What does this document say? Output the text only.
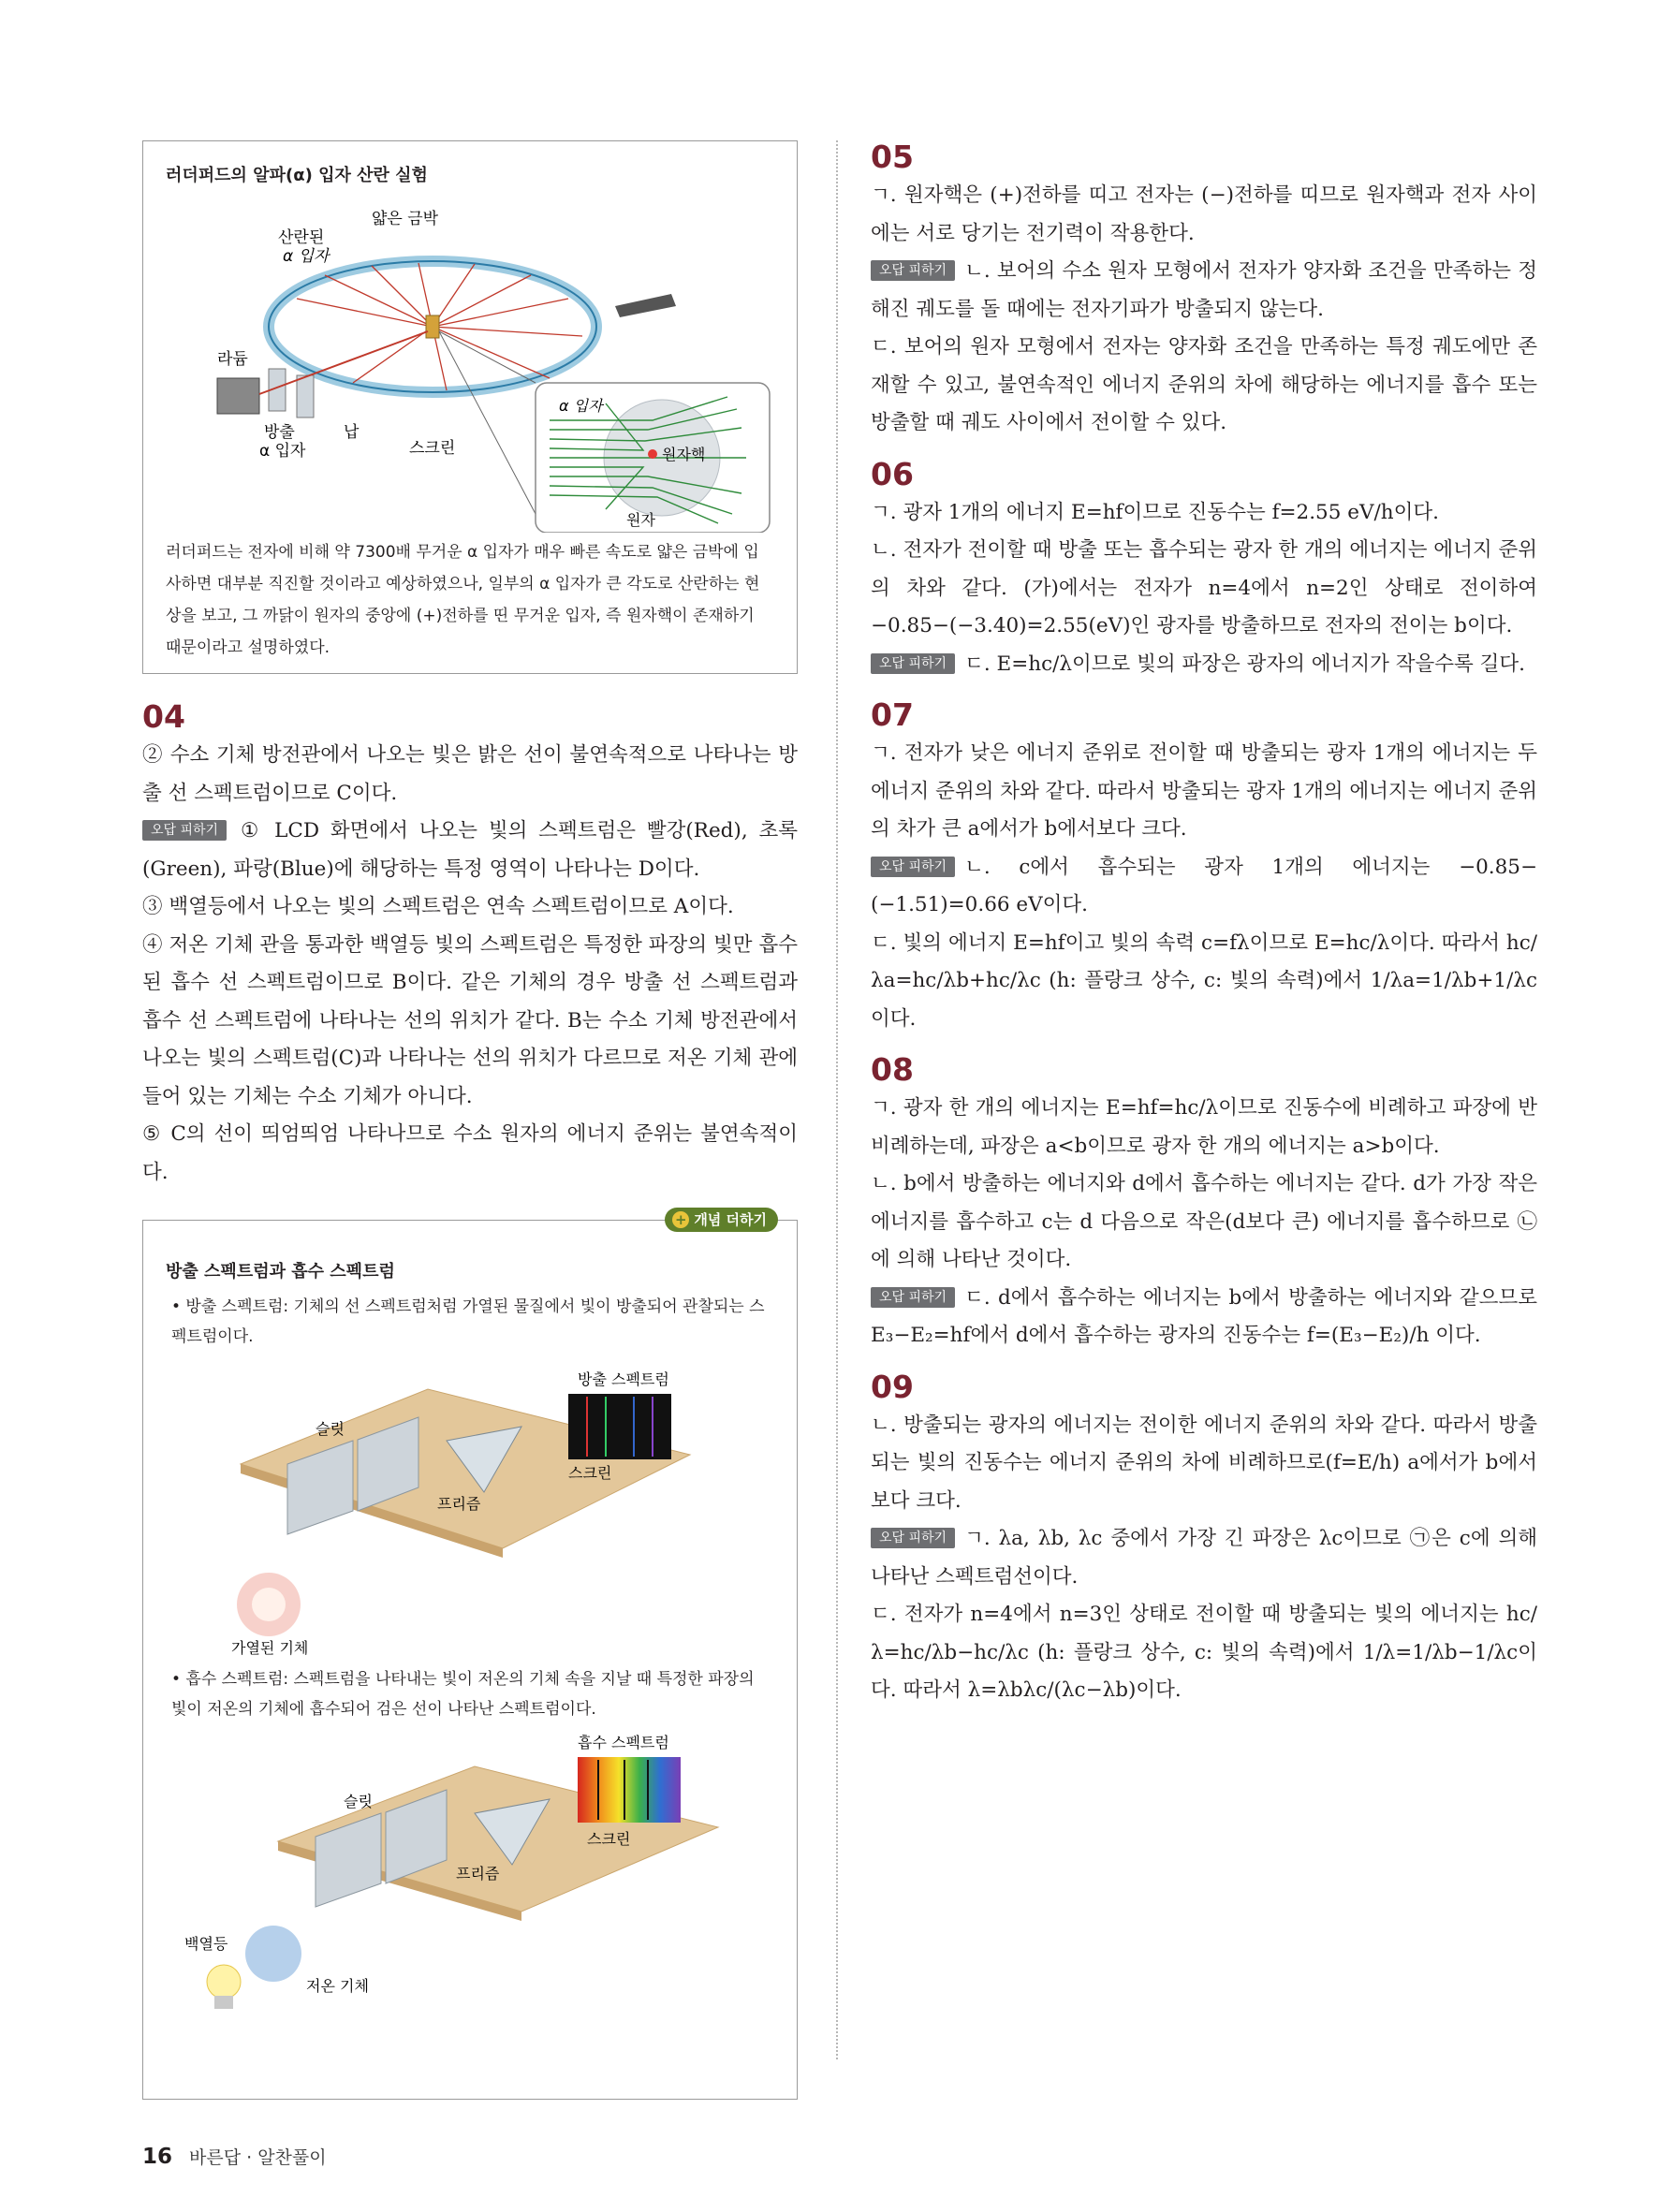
러더퍼드의 알파(α) 입자 산란 실험
산란된
α 입자
얇은 금박
라듐
방출
α 입자
납
스크린
α 입자
원자핵
원자

러더퍼드는 전자에 비해 약 7300배 무거운 α 입자가 매우 빠른 속도로 얇은 금박에 입사하면 대부분 직진할 것이라고 예상하였으나, 일부의 α 입자가 큰 각도로 산란하는 현상을 보고, 그 까닭이 원자의 중앙에 (+)전하를 띤 무거운 입자, 즉 원자핵이 존재하기 때문이라고 설명하였다.

04

② 수소 기체 방전관에서 나오는 빛은 밝은 선이 불연속적으로 나타나는 방출 선 스펙트럼이므로 C이다.

오답 피하기 ① LCD 화면에서 나오는 빛의 스펙트럼은 빨강(Red), 초록(Green), 파랑(Blue)에 해당하는 특정 영역이 나타나는 D이다.

③ 백열등에서 나오는 빛의 스펙트럼은 연속 스펙트럼이므로 A이다.

④ 저온 기체 관을 통과한 백열등 빛의 스펙트럼은 특정한 파장의 빛만 흡수된 흡수 선 스펙트럼이므로 B이다. 같은 기체의 경우 방출 선 스펙트럼과 흡수 선 스펙트럼에 나타나는 선의 위치가 같다. B는 수소 기체 방전관에서 나오는 빛의 스펙트럼(C)과 나타나는 선의 위치가 다르므로 저온 기체 관에 들어 있는 기체는 수소 기체가 아니다.

⑤ C의 선이 띄엄띄엄 나타나므로 수소 원자의 에너지 준위는 불연속적이다.

+ 개념 더하기
방출 스펙트럼과 흡수 스펙트럼

• 방출 스펙트럼: 기체의 선 스펙트럼처럼 가열된 물질에서 빛이 방출되어 관찰되는 스펙트럼이다.

방출 스펙트럼
슬릿
스크린
프리즘
가열된 기체

• 흡수 스펙트럼: 스펙트럼을 나타내는 빛이 저온의 기체 속을 지날 때 특정한 파장의 빛이 저온의 기체에 흡수되어 검은 선이 나타난 스펙트럼이다.

흡수 스펙트럼
슬릿
스크린
프리즘
백열등
저온 기체
05

ㄱ. 원자핵은 (+)전하를 띠고 전자는 (−)전하를 띠므로 원자핵과 전자 사이에는 서로 당기는 전기력이 작용한다.

오답 피하기 ㄴ. 보어의 수소 원자 모형에서 전자가 양자화 조건을 만족하는 정해진 궤도를 돌 때에는 전자기파가 방출되지 않는다.

ㄷ. 보어의 원자 모형에서 전자는 양자화 조건을 만족하는 특정 궤도에만 존재할 수 있고, 불연속적인 에너지 준위의 차에 해당하는 에너지를 흡수 또는 방출할 때 궤도 사이에서 전이할 수 있다.

06

ㄱ. 광자 1개의 에너지 E=hf이므로 진동수는 f=2.55 eV/h이다.

ㄴ. 전자가 전이할 때 방출 또는 흡수되는 광자 한 개의 에너지는 에너지 준위의 차와 같다. (가)에서는 전자가 n=4에서 n=2인 상태로 전이하여 −0.85−(−3.40)=2.55(eV)인 광자를 방출하므로 전자의 전이는 b이다.

오답 피하기 ㄷ. E=hc/λ이므로 빛의 파장은 광자의 에너지가 작을수록 길다.

07

ㄱ. 전자가 낮은 에너지 준위로 전이할 때 방출되는 광자 1개의 에너지는 두 에너지 준위의 차와 같다. 따라서 방출되는 광자 1개의 에너지는 에너지 준위의 차가 큰 a에서가 b에서보다 크다.

오답 피하기 ㄴ. c에서 흡수되는 광자 1개의 에너지는 −0.85−(−1.51)=0.66 eV이다.

ㄷ. 빛의 에너지 E=hf이고 빛의 속력 c=fλ이므로 E=hc/λ이다. 따라서 hc/λa=hc/λb+hc/λc (h: 플랑크 상수, c: 빛의 속력)에서 1/λa=1/λb+1/λc이다.

08

ㄱ. 광자 한 개의 에너지는 E=hf=hc/λ이므로 진동수에 비례하고 파장에 반비례하는데, 파장은 a<b이므로 광자 한 개의 에너지는 a>b이다.

ㄴ. b에서 방출하는 에너지와 d에서 흡수하는 에너지는 같다. d가 가장 작은 에너지를 흡수하고 c는 d 다음으로 작은(d보다 큰) 에너지를 흡수하므로 ㉡에 의해 나타난 것이다.

오답 피하기 ㄷ. d에서 흡수하는 에너지는 b에서 방출하는 에너지와 같으므로 E₃−E₂=hf에서 d에서 흡수하는 광자의 진동수는 f=(E₃−E₂)/h 이다.

09

ㄴ. 방출되는 광자의 에너지는 전이한 에너지 준위의 차와 같다. 따라서 방출되는 빛의 진동수는 에너지 준위의 차에 비례하므로(f=E/h) a에서가 b에서보다 크다.

오답 피하기 ㄱ. λa, λb, λc 중에서 가장 긴 파장은 λc이므로 ㉠은 c에 의해 나타난 스펙트럼선이다.

ㄷ. 전자가 n=4에서 n=3인 상태로 전이할 때 방출되는 빛의 에너지는 hc/λ=hc/λb−hc/λc (h: 플랑크 상수, c: 빛의 속력)에서 1/λ=1/λb−1/λc이다. 따라서 λ=λbλc/(λc−λb)이다.

16 바른답 · 알찬풀이
